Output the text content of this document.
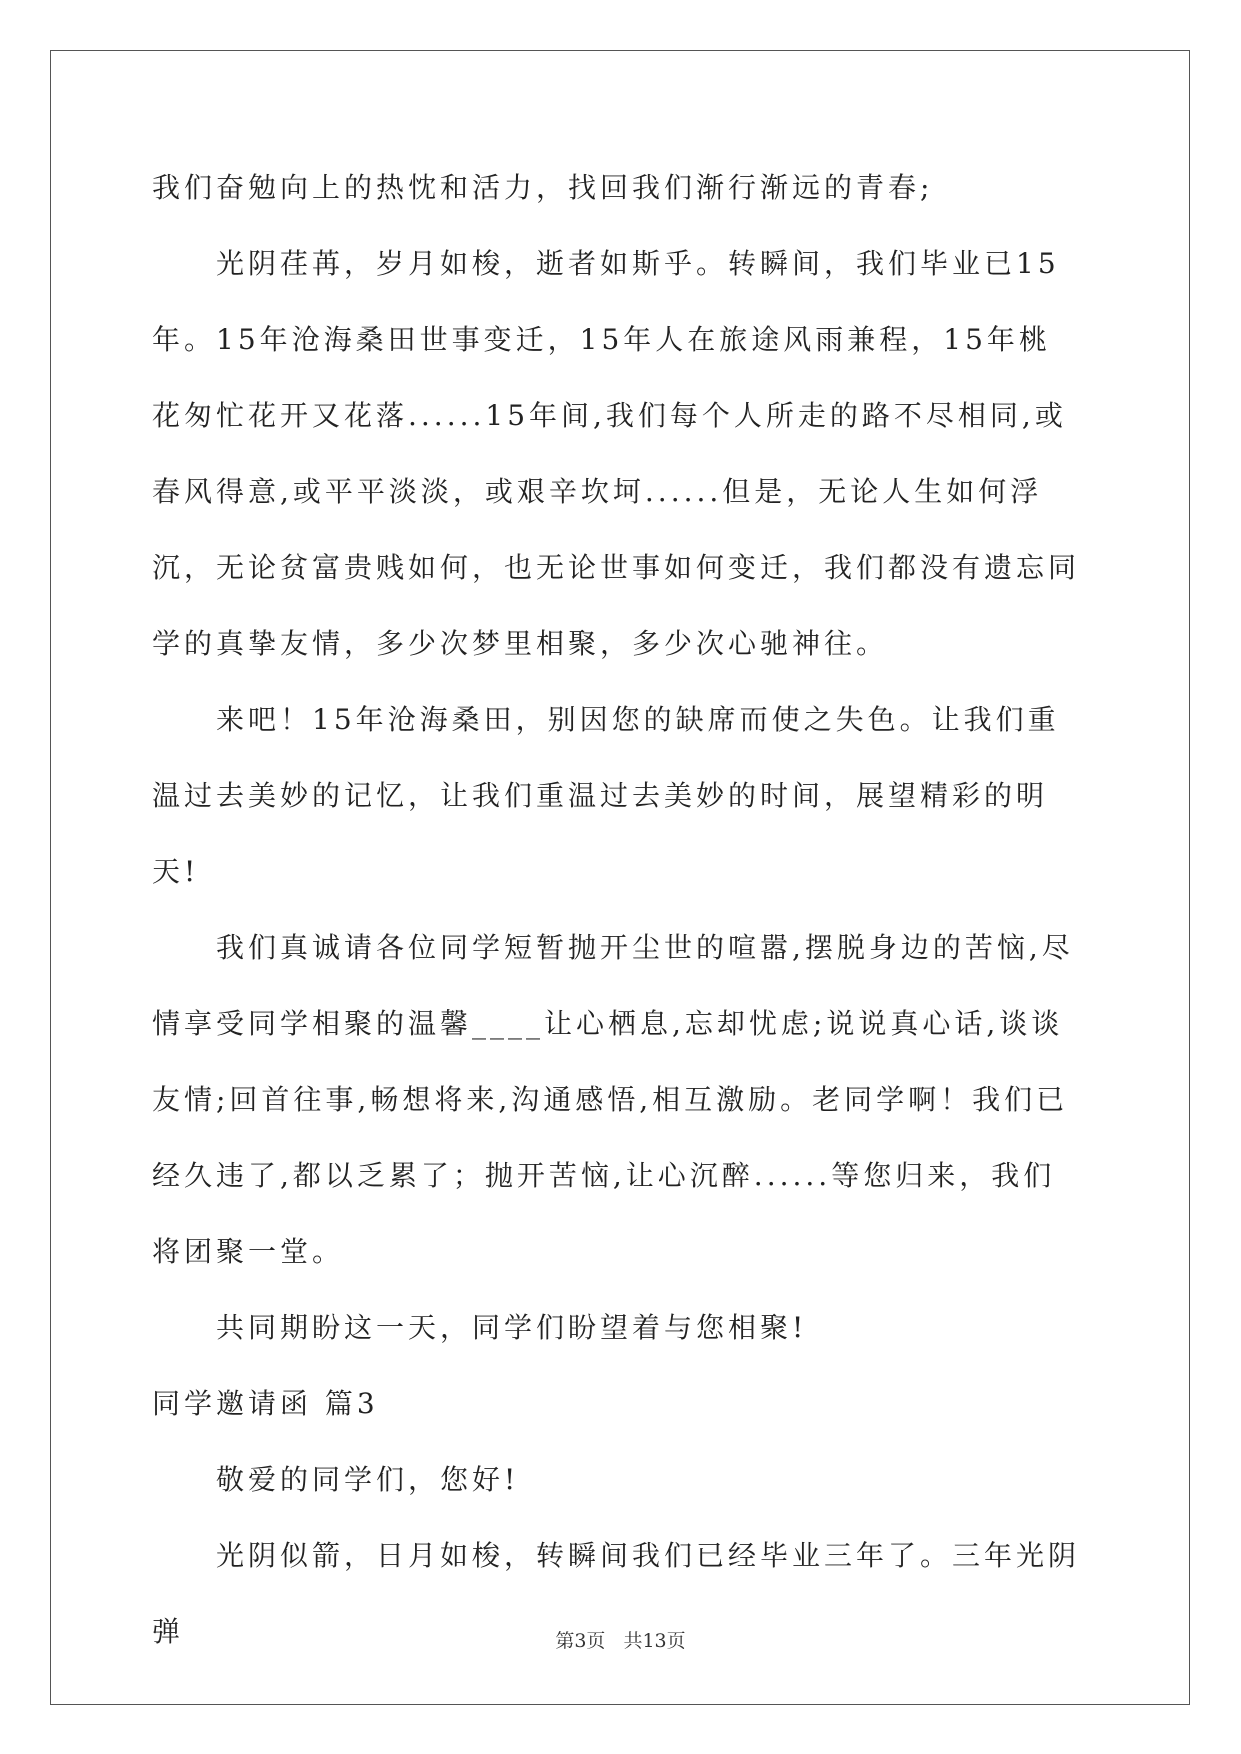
我们奋勉向上的热忱和活力，找回我们渐行渐远的青春;

光阴荏苒，岁月如梭，逝者如斯乎。转瞬间，我们毕业已15年。15年沧海桑田世事变迁，15年人在旅途风雨兼程，15年桃花匆忙花开又花落......15年间,我们每个人所走的路不尽相同,或春风得意,或平平淡淡，或艰辛坎坷......但是，无论人生如何浮沉，无论贫富贵贱如何，也无论世事如何变迁，我们都没有遗忘同学的真挚友情，多少次梦里相聚，多少次心驰神往。

来吧！15年沧海桑田，别因您的缺席而使之失色。让我们重温过去美妙的记忆，让我们重温过去美妙的时间，展望精彩的明天!

我们真诚请各位同学短暂抛开尘世的喧嚣,摆脱身边的苦恼,尽情享受同学相聚的温馨____让心栖息,忘却忧虑;说说真心话,谈谈友情;回首往事,畅想将来,沟通感悟,相互激励。老同学啊！我们已经久违了,都以乏累了；抛开苦恼,让心沉醉......等您归来，我们将团聚一堂。

共同期盼这一天，同学们盼望着与您相聚!

同学邀请函 篇3

敬爱的同学们，您好!

光阴似箭，日月如梭，转瞬间我们已经毕业三年了。三年光阴弹	第3页 共13页
